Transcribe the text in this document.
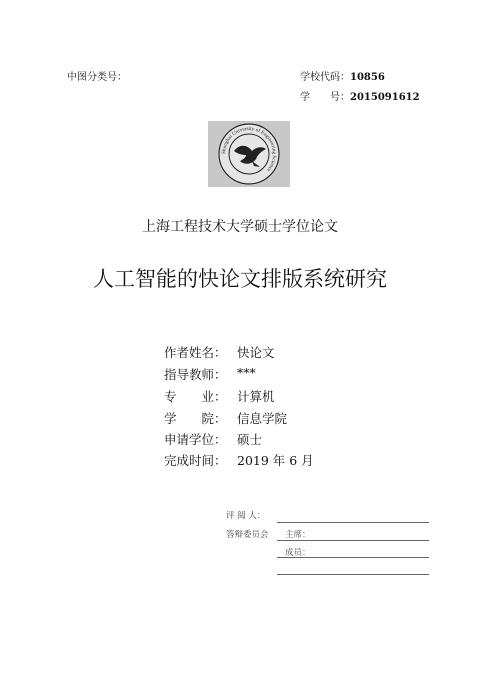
中图分类号：	学校代码：10856
学　　号：2015091612
Shanghai University of Engineering Science
上海工程技术大学硕士学位论文
人工智能的快论文排版系统研究
作者姓名： 快论文
指导教师： ***
专　　业： 计算机
学　　院： 信息学院
申请学位： 硕士
完成时间： 2019 年 6 月
评 阅 人：
答辩委员会 主席：
成员：
